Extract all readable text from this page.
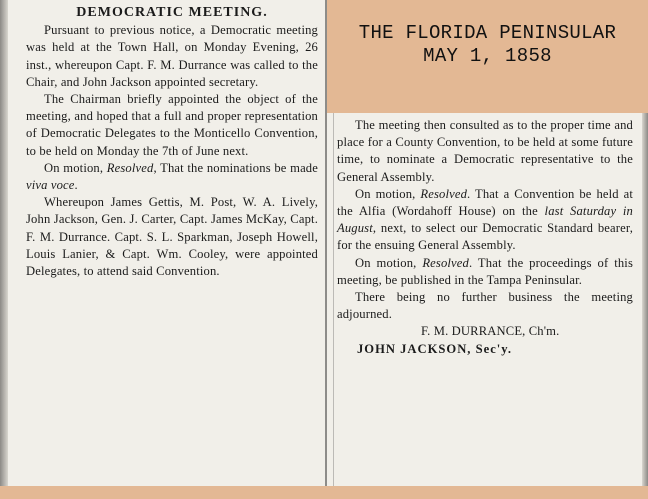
DEMOCRATIC MEETING.

Pursuant to previous notice, a Democratic meeting was held at the Town Hall, on Monday Evening, 26 inst., whereupon Capt. F. M. Durrance was called to the Chair, and John Jackson appointed secretary.

The Chairman briefly appointed the object of the meeting, and hoped that a full and proper representation of Democratic Delegates to the Monticello Convention, to be held on Monday the 7th of June next.

On motion, Resolved, That the nominations be made viva voce.

Whereupon James Gettis, M. Post, W. A. Lively, John Jackson, Gen. J. Carter, Capt. James McKay, Capt. F. M. Durrance. Capt. S. L. Sparkman, Joseph Howell, Louis Lanier, & Capt. Wm. Cooley, were appointed Delegates, to attend said Convention.

THE FLORIDA PENINSULAR
MAY 1, 1858

The meeting then consulted as to the proper time and place for a County Convention, to be held at some future time, to nominate a Democratic representative to the General Assembly.

On motion, Resolved. That a Convention be held at the Alfia (Wordahoff House) on the last Saturday in August, next, to select our Democratic Standard bearer, for the ensuing General Assembly.

On motion, Resolved. That the proceedings of this meeting, be published in the Tampa Peninsular.

There being no further business the meeting adjourned.

F. M. DURRANCE, Ch'm.

JOHN JACKSON, Sec'y.
